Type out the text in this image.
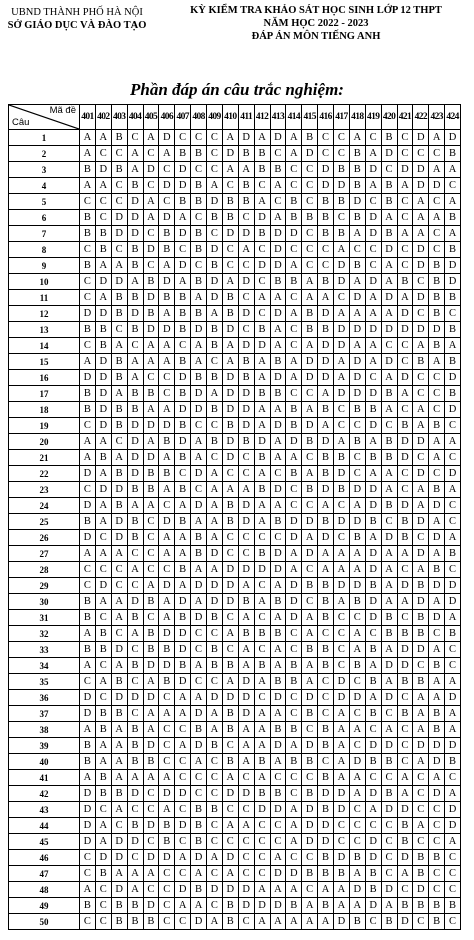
UBND THÀNH PHỐ HÀ NỘI
SỞ GIÁO DỤC VÀ ĐÀO TẠO
KỲ KIỂM TRA KHẢO SÁT HỌC SINH LỚP 12 THPT
NĂM HỌC 2022 - 2023
ĐÁP ÁN MÔN TIẾNG ANH
Phần đáp án câu trắc nghiệm:
Mã đề
Câu	401	402	403	404	405	406	407	408	409	410	411	412	413	414	415	416	417	418	419	420	421	422	423	424
1	A	A	B	C	A	D	C	C	C	A	D	A	D	A	B	C	C	A	C	B	C	D	A	D
2	A	C	C	A	C	A	B	B	C	D	B	B	C	A	D	C	C	B	A	D	C	C	C	B
3	B	D	B	A	D	C	D	C	C	A	A	B	B	C	C	D	B	B	D	C	D	D	A	A
4	A	A	C	B	C	D	D	B	A	C	B	C	A	C	C	D	D	B	A	B	A	D	D	C
5	C	C	C	D	A	C	B	B	D	B	B	A	C	B	C	B	B	D	C	B	C	A	C	A
6	B	C	D	D	A	D	A	C	B	B	C	D	A	B	B	B	C	B	D	A	C	A	A	B
7	B	B	D	D	C	B	D	B	C	D	D	B	D	D	C	B	B	A	D	B	A	A	C	A
8	C	B	C	B	D	B	C	B	D	C	A	C	D	C	C	C	A	C	C	D	C	D	C	B
9	B	A	A	B	C	A	D	C	B	C	C	D	D	A	C	C	D	B	C	A	C	D	B	D
10	C	D	D	A	B	D	A	B	D	A	D	C	B	B	A	B	D	A	D	A	B	C	B	D
11	C	A	B	B	D	B	B	A	D	B	C	A	A	C	A	A	C	D	A	D	A	D	B	B
12	D	D	B	D	B	A	B	B	A	B	D	C	D	A	B	D	A	A	A	A	D	C	B	C
13	B	B	C	B	D	D	B	D	B	D	C	B	A	C	B	B	D	D	D	D	D	D	D	B
14	C	B	A	C	A	A	C	A	B	A	D	D	A	C	A	D	D	A	A	C	C	A	B	A
15	A	D	B	A	A	A	B	A	C	A	B	A	B	A	D	D	A	D	A	D	C	B	A	B
16	D	D	B	A	C	C	D	B	B	D	B	A	D	A	D	D	A	D	C	A	D	C	C	D
17	B	D	A	B	B	C	B	D	A	D	D	B	B	C	C	A	D	D	D	B	A	C	C	B
18	B	D	B	B	A	A	D	D	B	D	D	A	A	B	A	B	C	B	B	A	C	A	C	D
19	C	D	B	D	D	D	B	C	C	B	D	A	D	B	D	A	C	C	D	C	B	A	B	C
20	A	A	C	D	A	B	D	A	B	D	B	D	A	D	B	D	A	B	A	B	D	D	A	A
21	A	B	A	D	D	A	B	A	C	D	C	B	A	A	C	B	B	C	B	B	D	C	A	C
22	D	A	B	D	B	B	C	D	A	C	C	A	C	B	A	B	D	C	A	A	C	D	C	D
23	C	D	D	B	B	A	B	C	A	A	A	B	D	C	B	D	B	D	D	A	C	A	B	A
24	D	A	B	A	A	C	A	D	A	B	D	A	A	C	C	A	C	A	D	B	D	A	D	C
25	B	A	D	B	C	D	B	A	A	B	D	A	B	D	D	B	D	D	B	C	B	D	A	C
26	D	C	D	B	C	A	A	B	A	C	C	C	C	D	A	D	C	B	A	D	B	C	D	A
27	A	A	A	C	C	A	A	B	D	C	C	B	D	A	D	A	A	A	D	A	A	D	A	B
28	C	C	C	A	C	C	B	A	A	D	D	D	D	A	C	A	A	A	D	A	C	A	B	C
29	C	D	C	C	A	D	A	D	D	D	A	C	A	D	B	B	D	D	B	A	D	B	D	D
30	B	A	A	D	B	A	D	A	D	D	B	A	B	D	C	B	A	B	D	A	A	D	A	D
31	B	C	A	B	C	A	B	D	B	C	A	C	A	D	A	B	C	C	D	B	C	B	D	A
32	A	B	C	A	B	D	D	C	C	A	B	B	B	C	A	C	C	A	C	B	B	B	C	B
33	B	B	D	C	B	B	D	C	B	C	A	C	A	C	B	B	C	A	B	A	D	D	A	C
34	A	C	A	B	D	D	B	A	B	B	A	B	A	B	A	B	C	B	A	D	D	C	B	C
35	C	A	B	C	A	B	D	C	C	A	D	A	B	B	A	C	D	C	B	A	B	B	A	A
36	D	C	D	D	D	C	A	A	D	D	D	C	D	C	D	C	D	D	A	D	C	A	A	D
37	D	B	B	C	A	A	A	D	A	B	D	A	A	C	B	C	A	C	B	C	B	A	B	A
38	A	B	A	B	A	C	C	B	A	B	A	A	B	B	C	B	A	A	C	A	C	A	B	A
39	B	A	A	B	D	C	A	D	B	C	A	A	D	A	D	B	A	C	D	D	C	D	D	D
40	B	A	A	B	B	C	C	A	C	B	A	B	A	B	B	C	A	D	B	B	C	A	D	B
41	A	B	A	A	A	A	C	C	C	A	C	A	C	C	C	B	A	A	C	C	A	C	A	C
42	D	B	B	D	C	D	D	C	C	D	D	B	B	C	B	D	D	A	D	B	A	C	D	A
43	D	C	A	C	C	A	C	B	B	C	C	D	D	A	D	B	D	C	A	D	D	C	C	D
44	D	A	C	B	D	B	D	B	C	A	A	C	C	A	D	D	C	C	C	C	B	A	C	D
45	D	A	D	D	C	B	C	B	C	C	C	C	C	A	D	D	C	C	D	C	B	C	C	A
46	C	D	D	C	D	D	A	D	A	D	C	C	A	C	C	B	D	B	D	C	D	B	B	C
47	C	B	A	A	A	C	C	A	C	A	C	C	D	D	B	B	B	A	B	C	A	B	C	C
48	A	C	D	A	C	C	D	B	D	D	D	A	A	A	C	A	A	D	B	D	C	D	C	C
49	B	C	B	B	D	C	A	A	C	B	D	D	D	B	A	B	A	A	D	A	B	B	B	B
50	C	C	B	B	B	C	C	D	A	B	C	A	A	A	A	A	D	B	C	B	D	C	B	C
